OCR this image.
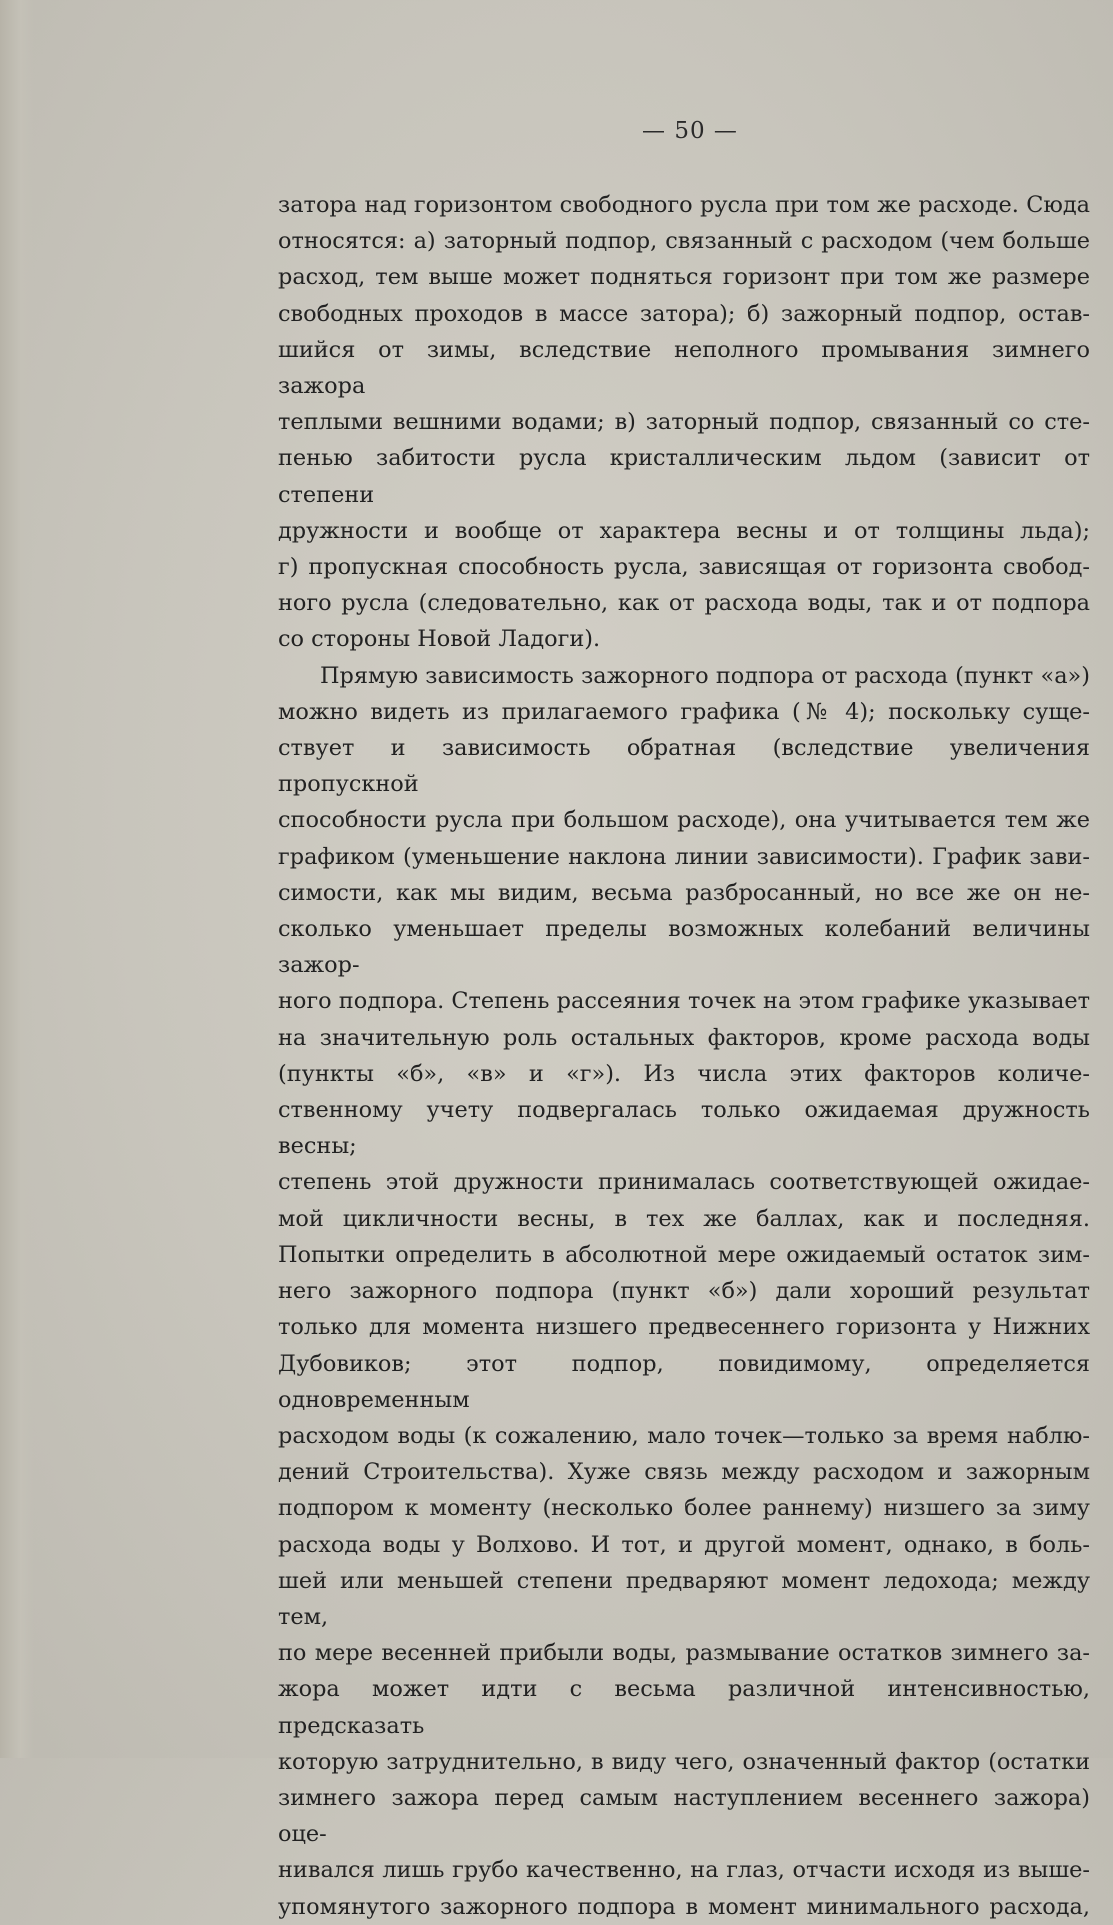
— 50 —

затора над горизонтом свободного русла при том же расходе. Сюда

относятся: а) заторный подпор, связанный с расходом (чем больше

расход, тем выше может подняться горизонт при том же размере

свободных проходов в массе затора); б) зажорный подпор, остав-

шийся от зимы, вследствие неполного промывания зимнего зажора

теплыми вешними водами; в) заторный подпор, связанный со сте-

пенью забитости русла кристаллическим льдом (зависит от степени

дружности и вообще от характера весны и от толщины льда);

г) пропускная способность русла, зависящая от горизонта свобод-

ного русла (следовательно, как от расхода воды, так и от подпора

со стороны Новой Ладоги).

Прямую зависимость зажорного подпора от расхода (пункт «а»)

можно видеть из прилагаемого графика (№ 4); поскольку суще-

ствует и зависимость обратная (вследствие увеличения пропускной

способности русла при большом расходе), она учитывается тем же

графиком (уменьшение наклона линии зависимости). График зави-

симости, как мы видим, весьма разбросанный, но все же он не-

сколько уменьшает пределы возможных колебаний величины зажор-

ного подпора. Степень рассеяния точек на этом графике указывает

на значительную роль остальных факторов, кроме расхода воды

(пункты «б», «в» и «г»). Из числа этих факторов количе-

ственному учету подвергалась только ожидаемая дружность весны;

степень этой дружности принималась соответствующей ожидае-

мой цикличности весны, в тех же баллах, как и последняя.

Попытки определить в абсолютной мере ожидаемый остаток зим-

него зажорного подпора (пункт «б») дали хороший результат

только для момента низшего предвесеннего горизонта у Нижних

Дубовиков; этот подпор, повидимому, определяется одновременным

расходом воды (к сожалению, мало точек—только за время наблю-

дений Строительства). Хуже связь между расходом и зажорным

подпором к моменту (несколько более раннему) низшего за зиму

расхода воды у Волхово. И тот, и другой момент, однако, в боль-

шей или меньшей степени предваряют момент ледохода; между тем,

по мере весенней прибыли воды, размывание остатков зимнего за-

жора может идти с весьма различной интенсивностью, предсказать

которую затруднительно, в виду чего, означенный фактор (остатки

зимнего зажора перед самым наступлением весеннего зажора) оце-

нивался лишь грубо качественно, на глаз, отчасти исходя из выше-

упомянутого зажорного подпора в момент минимального расхода,
